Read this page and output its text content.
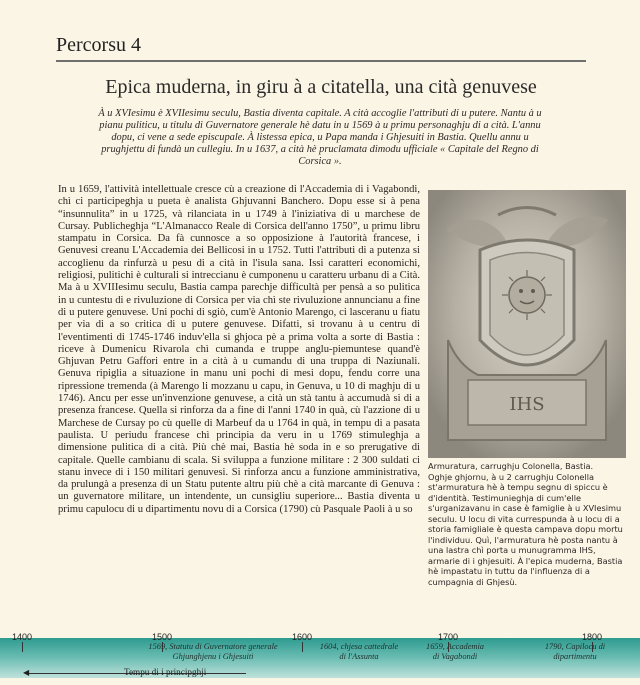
Percorsu 4
Epica muderna, in giru à a citatella, una cità genuvese
À u XVIesimu è XVIIesimu seculu, Bastia diventa capitale. A cità accoglie l'attributi di u putere. Nantu à u pianu puliticu, u titulu di Guvernatore generale hè datu in u 1569 à u primu personaghju di a cità. L'annu dopu, ci vene a sede episcupale. À listessa epica, u Papa manda i Ghjesuiti in Bastia. Quellu annu u prughjettu di fundà un cullegiu. In u 1637, a cità hè pruclamata dimodu ufficiale « Capitale del Regno di Corsica ».
In u 1659, l'attività intellettuale cresce cù a creazione di l'Accademia di i Vagabondi, chì ci participeghja u pueta è analista Ghjuvanni Banchero. Dopu esse si à pena “insunnulita” in u 1725, và rilanciata in u 1749 à l'iniziativa di u marchese de Cursay. Publicheghja “L'Almanacco Reale di Corsica dell'anno 1750”, u primu libru stampatu in Corsica. Da fà cunnosce a so opposizione à l'autorità francese, i Genuvesi creanu L'Accademia dei Bellicosi in u 1752. Tutti l'attributi di a putenza si accoglienu da rinfurzà u pesu di a cità in l'isula sana. Issi caratteri economichi, religiosi, pulitichi è culturali si intreccianu è cumponenu u caratteru urbanu di a Cità. Ma à u XVIIIesimu seculu, Bastia campa parechje difficultà per pensà a so pulitica in u cuntestu di e rivuluzione di Corsica per via chì ste rivuluzione annuncianu a fine di u putere genuvese. Uni pochi di sgiò, cum'è Antonio Marengo, ci lasceranu u fiatu per via di a so critica di u putere genuvese. Difatti, si trovanu à u centru di l'eventimenti di 1745-1746 induv'ella si ghjoca pè a prima volta a sorte di Bastia : riceve à Dumenicu Rivarola chì cumanda e truppe anglu-piemuntese quand'è Ghjuvan Petru Gaffori entre in a cità à u cumandu di una truppa di Naziunali. Genuva ripiglia a situazione in manu uni pochi di mesi dopu, fendu corre una ripressione tremenda (à Marengo li mozzanu u capu, in Genuva, u 10 di maghju di u 1746). Ancu per esse un'invenzione genuvese, a cità un stà tantu à accumudà si di a presenza francese. Quella si rinforza da a fine di l'anni 1740 in quà, cù l'azzione di u Marchese de Cursay po cù quelle di Marbeuf da u 1764 in quà, in tempu di a pasata paulista. U periudu francese chì principia da veru in u 1769 stimuleghja a dimensione pulitica di a cità. Più chè mai, Bastia hè soda in e so prerugative di capitale. Quelle cambianu di scala. Si sviluppa a funzione militare : 2 300 suldati ci stanu invece di i 150 militari genuvesi. Si rinforza ancu a funzione amministrativa, da prulungà a presenza di un Statu putente altru più chè a cità marcante di Genuva : un guvernatore militare, un intendente, un cunsigliu superiore... Bastia diventa u primu capulocu di u dipartimentu novu di a Corsica (1790) cù Pasquale Paoli à u so
IHS

Armuratura, carrughju Colonella, Bastia.

Oghje ghjornu, à u 2 carrughju Colonella st'armuratura hè à tempu segnu di spiccu è d'identità. Testimunieghja di cum'elle s'urganizavanu in case è famiglie à u XVIesimu seculu. U locu di vita currespunda à u locu di a storia famigliale è questa campava dopu mortu l'individuu. Quì, l'armuratura hè posta nantu à una lastra chì porta u munugramma IHS, armarie di i ghjesuiti. À l'epica muderna, Bastia hè impastatu in tuttu da l'influenza di a cumpagnia di Ghjesù.

1400	1500	1600	1700	1800
1569, Statutu di Guvernatore generale
Ghjunghjenu i Ghjesuiti
1604, chjesa cattedrale
di l'Assunta
1659, Accademia
di Vagabondi
1790, Capilocu di
dipartimentu
◀	Tempu di i principghji
